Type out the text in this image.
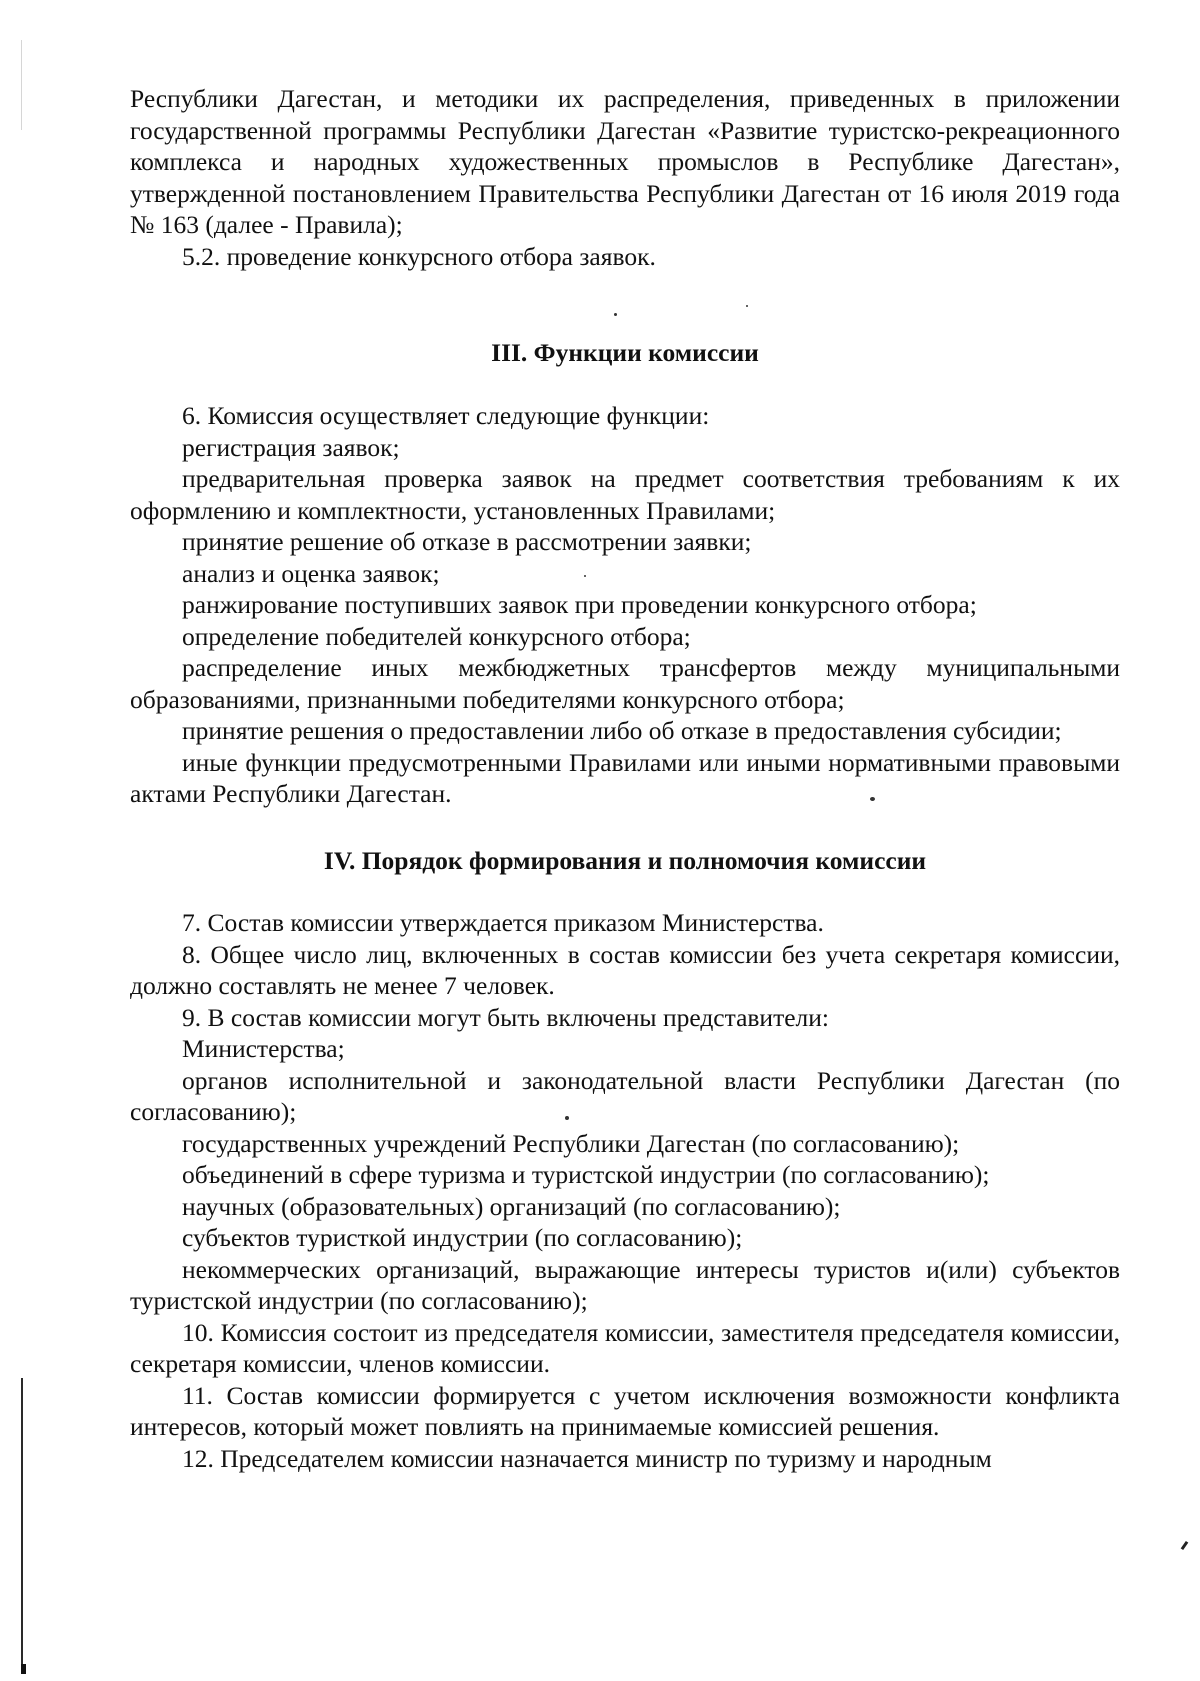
Республики Дагестан, и методики их распределения, приведенных в приложении государственной программы Республики Дагестан «Развитие туристско-рекреационного комплекса и народных художественных промыслов в Республике Дагестан», утвержденной постановлением Правительства Республики Дагестан от 16 июля 2019 года № 163 (далее - Правила);

5.2. проведение конкурсного отбора заявок.

III. Функции комиссии

6. Комиссия осуществляет следующие функции:

регистрация заявок;

предварительная проверка заявок на предмет соответствия требованиям к их оформлению и комплектности, установленных Правилами;

принятие решение об отказе в рассмотрении заявки;

анализ и оценка заявок;

ранжирование поступивших заявок при проведении конкурсного отбора;

определение победителей конкурсного отбора;

распределение иных межбюджетных трансфертов между муниципальными образованиями, признанными победителями конкурсного отбора;

принятие решения о предоставлении либо об отказе в предоставления субсидии;

иные функции предусмотренными Правилами или иными нормативными правовыми актами Республики Дагестан.

IV. Порядок формирования и полномочия комиссии

7. Состав комиссии утверждается приказом Министерства.

8. Общее число лиц, включенных в состав комиссии без учета секретаря комиссии, должно составлять не менее 7 человек.

9. В состав комиссии могут быть включены представители:

Министерства;

органов исполнительной и законодательной власти Республики Дагестан (по согласованию);

государственных учреждений Республики Дагестан (по согласованию);

объединений в сфере туризма и туристской индустрии (по согласованию);

научных (образовательных) организаций (по согласованию);

субъектов туристкой индустрии (по согласованию);

некоммерческих организаций, выражающие интересы туристов и(или) субъектов туристской индустрии (по согласованию);

10. Комиссия состоит из председателя комиссии, заместителя председателя комиссии, секретаря комиссии, членов комиссии.

11. Состав комиссии формируется с учетом исключения возможности конфликта интересов, который может повлиять на принимаемые комиссией решения.

12. Председателем комиссии назначается министр по туризму и народным
